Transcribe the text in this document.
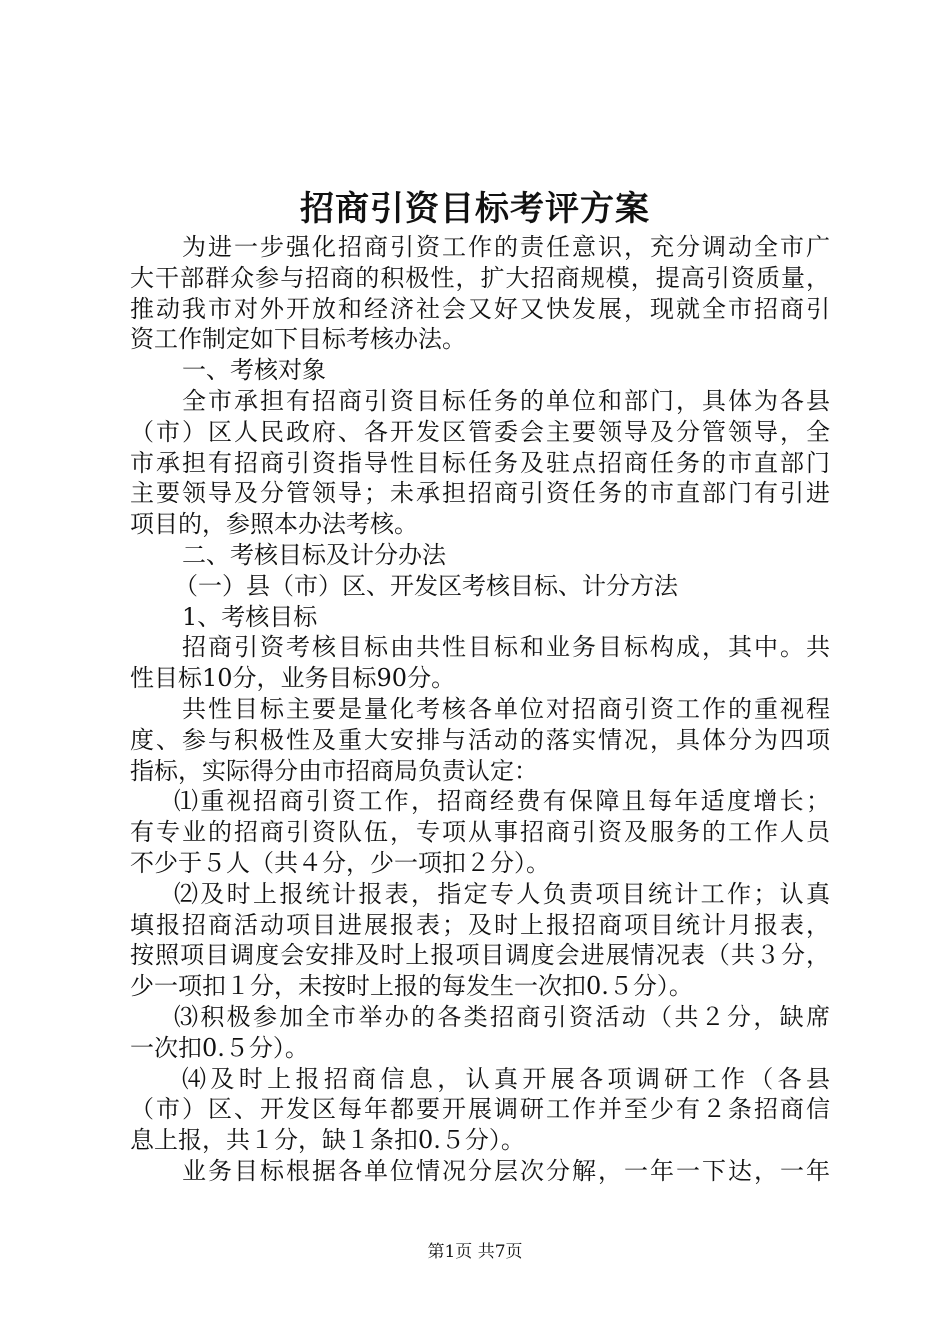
招商引资目标考评方案
为进一步强化招商引资工作的责任意识，充分调动全市广
大干部群众参与招商的积极性，扩大招商规模，提高引资质量，
推动我市对外开放和经济社会又好又快发展，现就全市招商引
资工作制定如下目标考核办法。
一、考核对象
全市承担有招商引资目标任务的单位和部门，具体为各县
（市）区人民政府、各开发区管委会主要领导及分管领导，全
市承担有招商引资指导性目标任务及驻点招商任务的市直部门
主要领导及分管领导；未承担招商引资任务的市直部门有引进
项目的，参照本办法考核。
二、考核目标及计分办法
（一）县（市）区、开发区考核目标、计分方法
1、考核目标
招商引资考核目标由共性目标和业务目标构成，其中。共
性目标10分，业务目标90分。
共性目标主要是量化考核各单位对招商引资工作的重视程
度、参与积极性及重大安排与活动的落实情况，具体分为四项
指标，实际得分由市招商局负责认定：
⑴重视招商引资工作，招商经费有保障且每年适度增长；
有专业的招商引资队伍，专项从事招商引资及服务的工作人员
不少于５人（共４分，少一项扣２分）。
⑵及时上报统计报表，指定专人负责项目统计工作；认真
填报招商活动项目进展报表；及时上报招商项目统计月报表，
按照项目调度会安排及时上报项目调度会进展情况表（共３分，
少一项扣１分，未按时上报的每发生一次扣0.５分）。
⑶积极参加全市举办的各类招商引资活动（共２分，缺席
一次扣0.５分）。
⑷及时上报招商信息，认真开展各项调研工作（各县
（市）区、开发区每年都要开展调研工作并至少有２条招商信
息上报，共１分，缺１条扣0.５分）。
业务目标根据各单位情况分层次分解，一年一下达，一年
第1页 共7页
